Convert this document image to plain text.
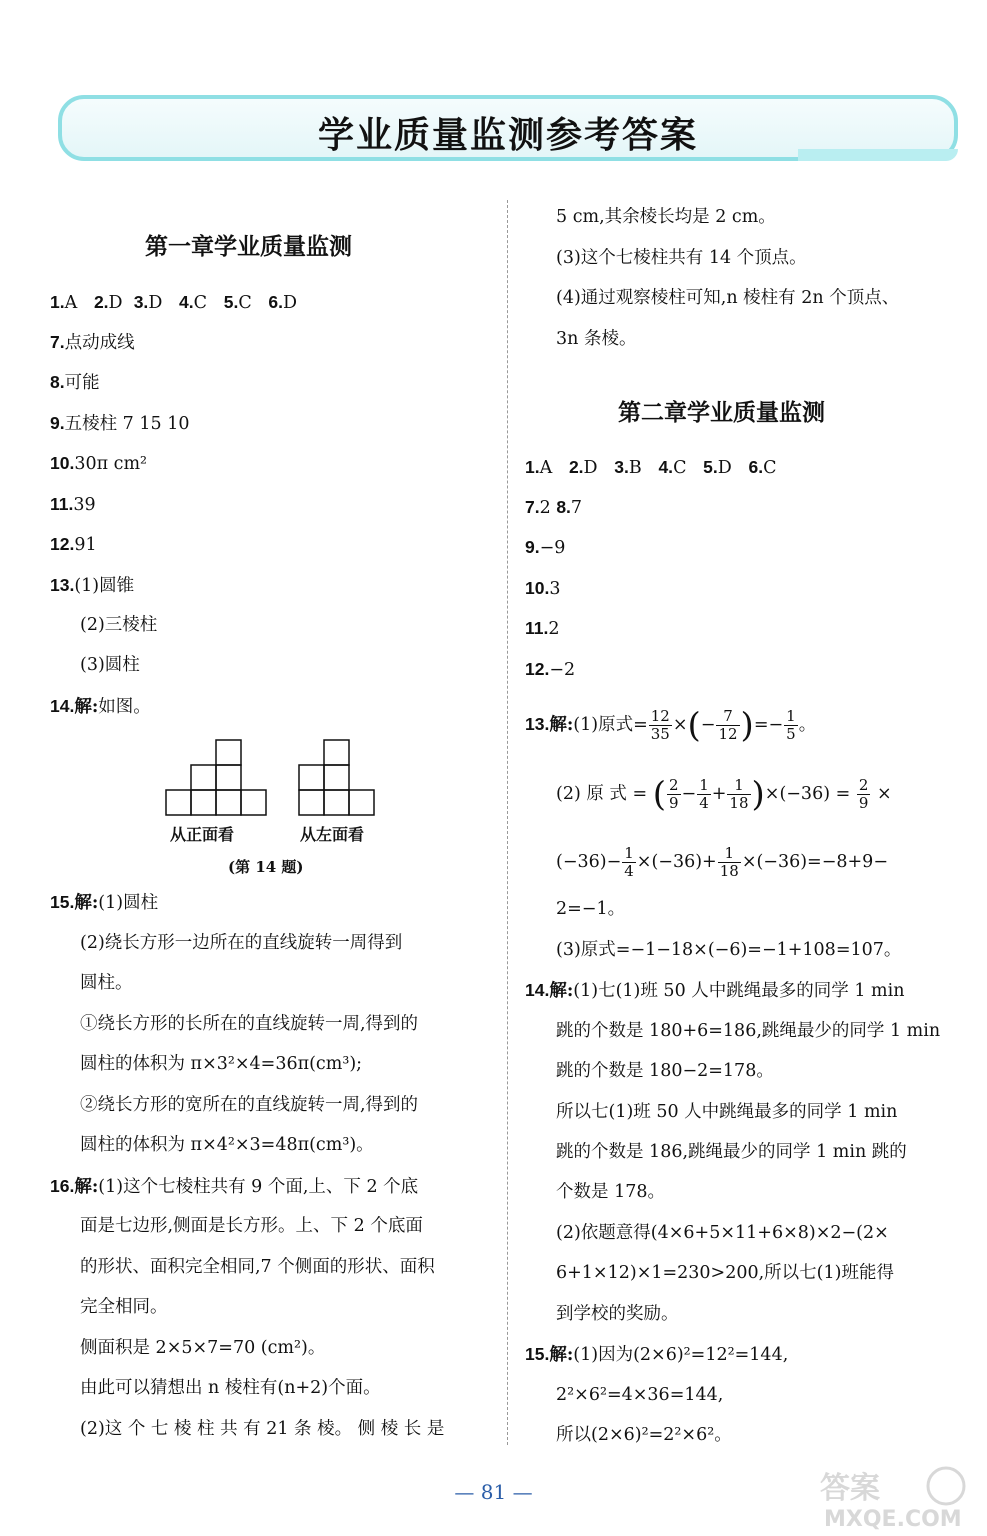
学业质量监测参考答案
第一章学业质量监测
1.A   2.D  3.D   4.C   5.C   6.D
7.点动成线
8.可能
9.五棱柱 7 15 10
10.30π cm²
11.39
12.91
13.(1)圆锥
(2)三棱柱
(3)圆柱
14.解:如图。
从正面看	从左面看
(第 14 题)
15.解:(1)圆柱
(2)绕长方形一边所在的直线旋转一周得到
圆柱。
①绕长方形的长所在的直线旋转一周,得到的
圆柱的体积为 π×3²×4=36π(cm³);
②绕长方形的宽所在的直线旋转一周,得到的
圆柱的体积为 π×4²×3=48π(cm³)。
16.解:(1)这个七棱柱共有 9 个面,上、下 2 个底
面是七边形,侧面是长方形。上、下 2 个底面
的形状、面积完全相同,7 个侧面的形状、面积
完全相同。
侧面积是 2×5×7=70 (cm²)。
由此可以猜想出 n 棱柱有(n+2)个面。
(2)这 个 七 棱 柱 共 有 21 条 棱。 侧 棱 长 是
5 cm,其余棱长均是 2 cm。
(3)这个七棱柱共有 14 个顶点。
(4)通过观察棱柱可知,n 棱柱有 2n 个顶点、
3n 条棱。
第二章学业质量监测
1.A   2.D   3.B   4.C   5.D   6.C
7.2 8.7
9.−9
10.3
11.2
12.−2
13.解:(1)原式= $\frac{12}{35}$ ×(− $\frac{7}{12}$ )=− $\frac{1}{5}$ 。
(2) 原 式 = ( $\frac{2}{9} - \frac{1}{4} + \frac{1}{18} )\times(-36) = \frac{2}{9}$ ×
$(-36)- \frac{1}{4} \times(-36)+ \frac{1}{18} \times(-36)=-8+9-$
2=−1。
(3)原式=−1−18×(−6)=−1+108=107。
14.解:(1)七(1)班 50 人中跳绳最多的同学 1 min
跳的个数是 180+6=186,跳绳最少的同学 1 min
跳的个数是 180−2=178。
所以七(1)班 50 人中跳绳最多的同学 1 min
跳的个数是 186,跳绳最少的同学 1 min 跳的
个数是 178。
(2)依题意得(4×6+5×11+6×8)×2−(2×
6+1×12)×1=230>200,所以七(1)班能得
到学校的奖励。
15.解:(1)因为(2×6)²=12²=144,
2²×6²=4×36=144,
所以(2×6)²=2²×6²。
— 81 —	答案
MXQE.COM
